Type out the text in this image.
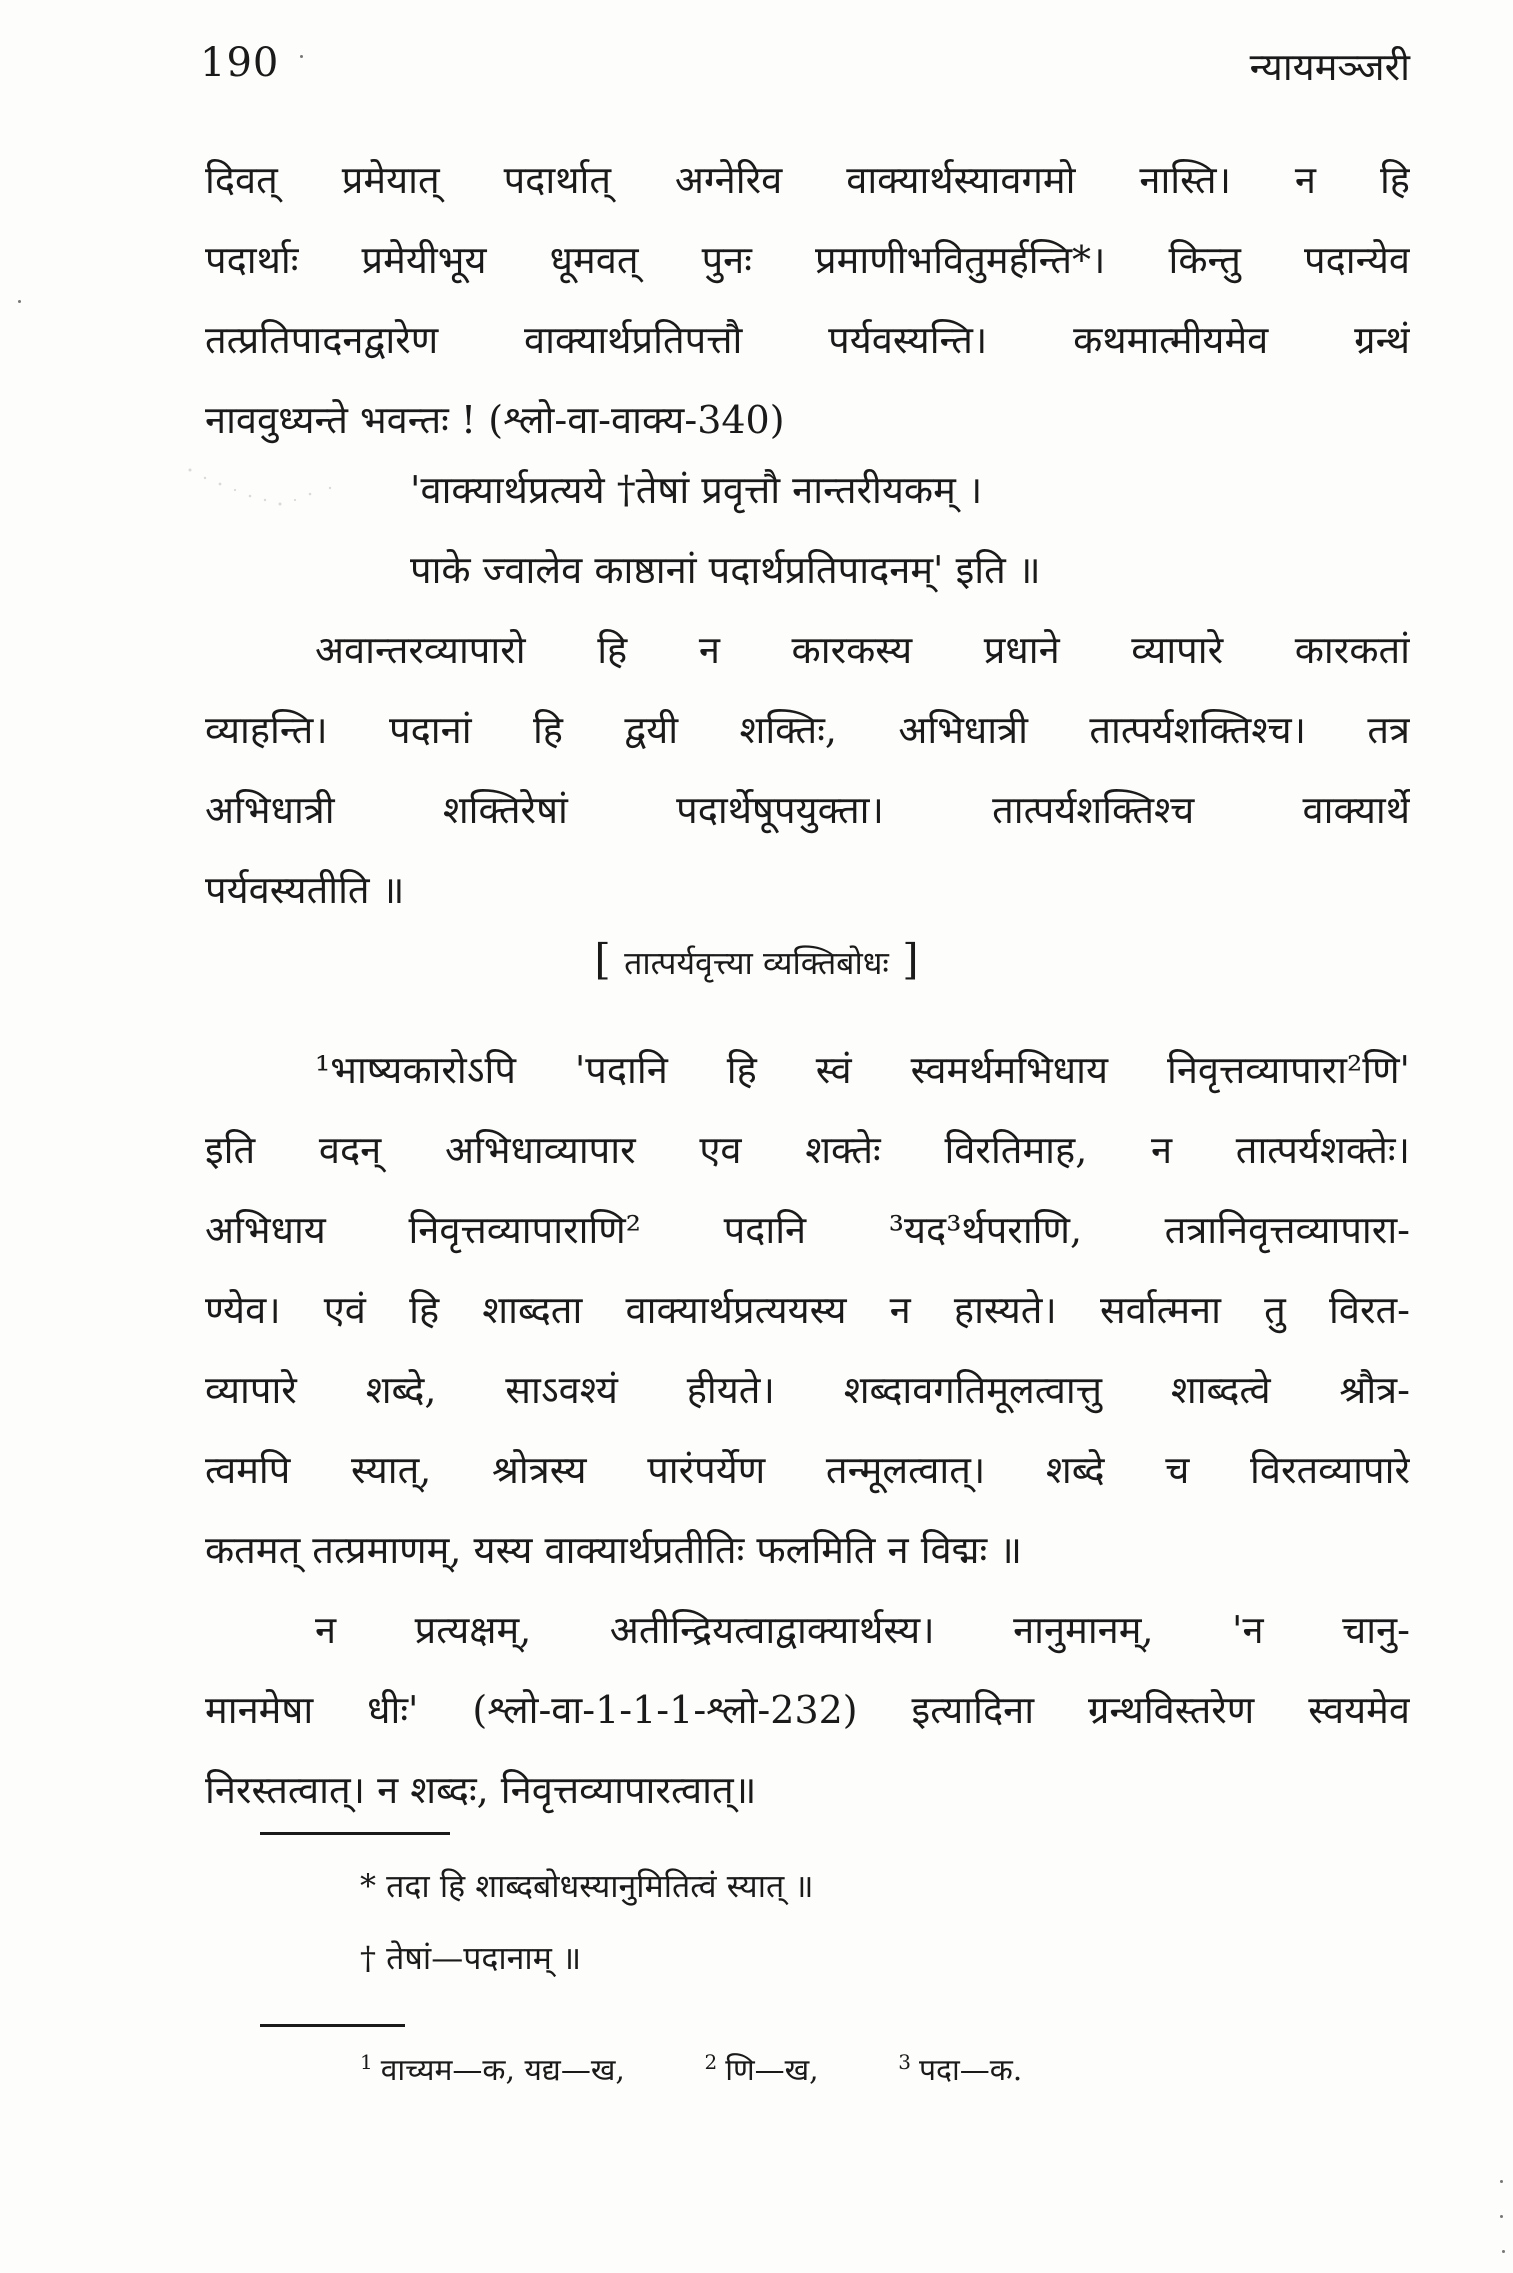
190	न्यायमञ्जरी
दिवत् प्रमेयात् पदार्थात् अग्नेरिव वाक्यार्थस्यावगमो नास्ति। न हि
पदार्थाः प्रमेयीभूय धूमवत् पुनः प्रमाणीभवितुमर्हन्ति*। किन्तु पदान्येव
तत्प्रतिपादनद्वारेण वाक्यार्थप्रतिपत्तौ पर्यवस्यन्ति। कथमात्मीयमेव ग्रन्थं
नाववुध्यन्ते भवन्तः ! (श्लो-वा-वाक्य-340)
'वाक्यार्थप्रत्यये †तेषां प्रवृत्तौ नान्तरीयकम् ।
पाके ज्वालेव काष्ठानां पदार्थप्रतिपादनम्' इति ॥
अवान्तरव्यापारो हि न कारकस्य प्रधाने व्यापारे कारकतां
व्याहन्ति। पदानां हि द्वयी शक्तिः, अभिधात्री तात्पर्यशक्तिश्च। तत्र
अभिधात्री शक्तिरेषां पदार्थेषूपयुक्ता। तात्पर्यशक्तिश्च वाक्यार्थे
पर्यवस्यतीति ॥
[ तात्पर्यवृत्त्या व्यक्तिबोधः ]
¹भाष्यकारोऽपि 'पदानि हि स्वं स्वमर्थमभिधाय निवृत्तव्यापारा²णि'
इति वदन् अभिधाव्यापार एव शक्तेः विरतिमाह, न तात्पर्यशक्तेः।
अभिधाय निवृत्तव्यापाराणि² पदानि ³यद³र्थपराणि, तत्रानिवृत्तव्यापारा-
ण्येव। एवं हि शाब्दता वाक्यार्थप्रत्ययस्य न हास्यते। सर्वात्मना तु विरत-
व्यापारे शब्दे, साऽवश्यं हीयते। शब्दावगतिमूलत्वात्तु शाब्दत्वे श्रौत्र-
त्वमपि स्यात्, श्रोत्रस्य पारंपर्येण तन्मूलत्वात्। शब्दे च विरतव्यापारे
कतमत् तत्प्रमाणम्, यस्य वाक्यार्थप्रतीतिः फलमिति न विद्मः ॥
न प्रत्यक्षम्, अतीन्द्रियत्वाद्वाक्यार्थस्य। नानुमानम्, 'न चानु-
मानमेषा धीः' (श्लो-वा-1-1-1-श्लो-232) इत्यादिना ग्रन्थविस्तरेण स्वयमेव
निरस्तत्वात्। न शब्दः, निवृत्तव्यापारत्वात्॥
* तदा हि शाब्दबोधस्यानुमितित्वं स्यात् ॥
† तेषां—पदानाम् ॥
$^1$ वाच्यम—क, यद्य—ख,	$^2$ णि—ख,	$^3$ पदा—क.
